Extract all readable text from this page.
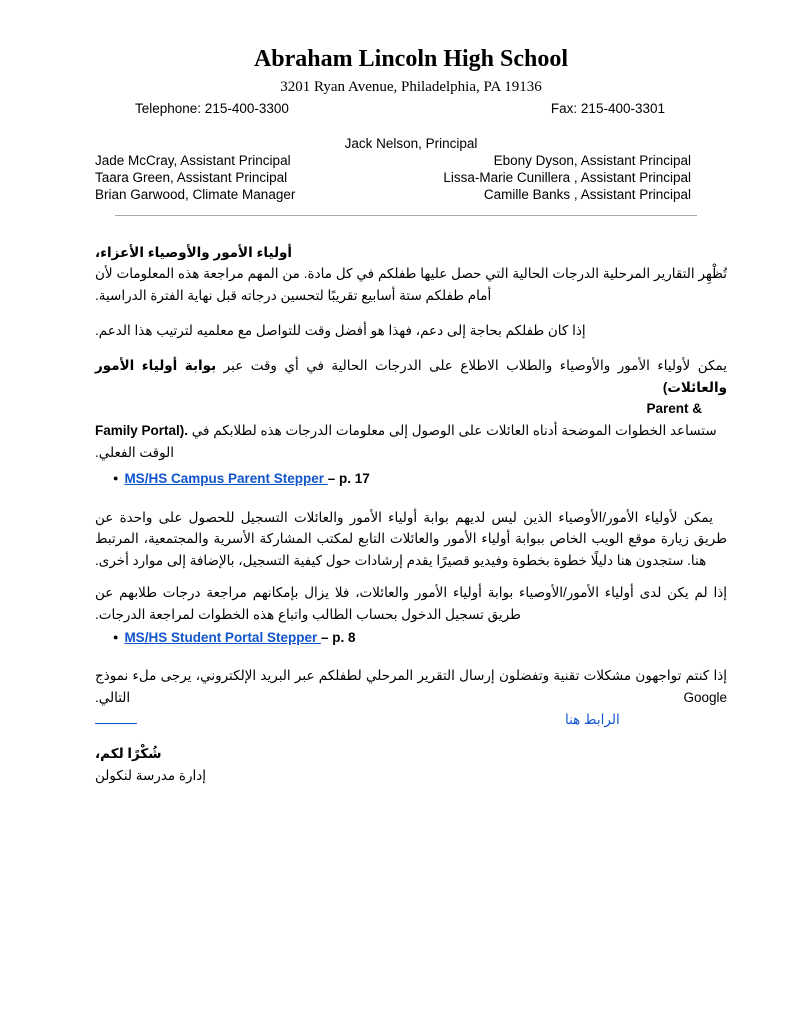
Abraham Lincoln High School
3201 Ryan Avenue, Philadelphia, PA 19136
Telephone: 215-400-3300	Fax: 215-400-3301
Jack Nelson, Principal
Jade McCray, Assistant Principal
Taara Green, Assistant Principal
Brian Garwood, Climate Manager
Ebony Dyson, Assistant Principal
Lissa-Marie Cunillera , Assistant Principal
Camille Banks , Assistant Principal

أولياء الأمور والأوصياء الأعزاء،

تُظْهِر التقارير المرحلية الدرجات الحالية التي حصل عليها طفلكم في كل مادة. من المهم مراجعة هذه المعلومات لأن أمام طفلكم ستة أسابيع تقريبًا لتحسين درجاته قبل نهاية الفترة الدراسية.

إذا كان طفلكم بحاجة إلى دعم، فهذا هو أفضل وقت للتواصل مع معلميه لترتيب هذا الدعم.

يمكن لأولياء الأمور والأوصياء والطلاب الاطلاع على الدرجات الحالية في أي وقت عبر بوابة أولياء الأمور والعائلات(

Parent &

Family Portal). ستساعد الخطوات الموضحة أدناه العائلات على الوصول إلى معلومات الدرجات هذه لطلابكم في الوقت الفعلي.

● MS/HS Campus Parent Stepper – p. 17

يمكن لأولياء الأمور/الأوصياء الذين ليس لديهم بوابة أولياء الأمور والعائلات التسجيل للحصول على واحدة عن طريق زيارة موقع الويب الخاص ببوابة أولياء الأمور والعائلات التابع لمكتب المشاركة الأسرية والمجتمعية، المرتبط هنا. ستجدون هنا دليلًا خطوة بخطوة وفيديو قصيرًا يقدم إرشادات حول كيفية التسجيل، بالإضافة إلى موارد أخرى.

إذا لم يكن لدى أولياء الأمور/الأوصياء بوابة أولياء الأمور والعائلات، فلا يزال بإمكانهم مراجعة درجات طلابهم عن طريق تسجيل الدخول بحساب الطالب واتباع هذه الخطوات لمراجعة الدرجات.

● MS/HS Student Portal Stepper – p. 8

إذا كنتم تواجهون مشكلات تقنية وتفضلون إرسال التقرير المرحلي لطفلكم عبر البريد الإلكتروني، يرجى ملء نموذج Google التالي.

الرابط هنا

شُكْرًا لكم،

إدارة مدرسة لنكولن
